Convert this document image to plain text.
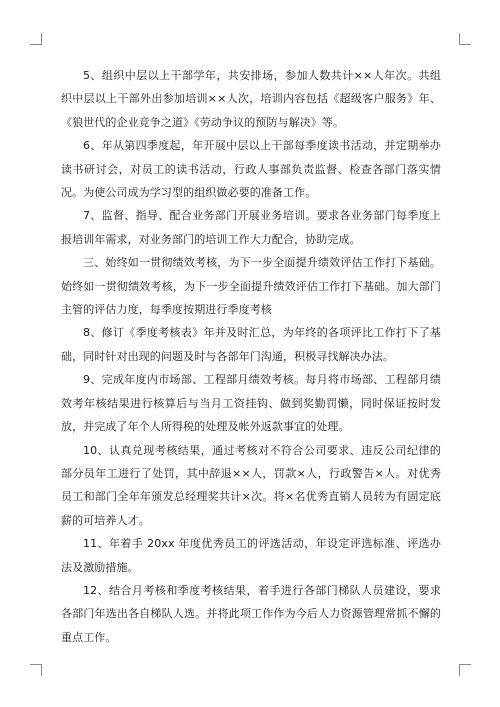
5、组织中层以上干部学年，共安排场，参加人数共计××人年次。共组织中层以上干部外出参加培训××人次，培训内容包括《超级客户服务》年、《狼世代的企业竞争之道》《劳动争议的预防与解决》等。

6、年从第四季度起，年开展中层以上干部每季度读书活动，并定期举办读书研讨会，对员工的读书活动，行政人事部负责监督、检查各部门落实情况。为使公司成为学习型的组织做必要的准备工作。

7、监督、指导、配合业务部门开展业务培训。要求各业务部门每季度上报培训年需求，对业务部门的培训工作大力配合，协助完成。

三、始终如一贯彻绩效考核，为下一步全面提升绩效评估工作打下基础。始终如一贯彻绩效考核，为下一步全面提升绩效评估工作打下基础。加大部门主管的评估力度，每季度按期进行季度考核

8、修订《季度考核表》年并及时汇总，为年终的各项评比工作打下了基础，同时针对出现的问题及时与各部年门沟通，积极寻找解决办法。

9、完成年度内市场部、工程部月绩效考核。每月将市场部、工程部月绩效考年核结果进行核算后与当月工资挂钩、做到奖勤罚懒，同时保证按时发放，并完成了年个人所得税的处理及帐外返款事宜的处理。

10、认真兑现考核结果，通过考核对不符合公司要求、违反公司纪律的部分员年工进行了处罚，其中辞退××人，罚款×人，行政警告×人。对优秀员工和部门全年年颁发总经理奖共计×次。将×名优秀直销人员转为有固定底薪的可培养人才。

11、年着手 20xx 年度优秀员工的评选活动，年设定评选标准、评选办法及激励措施。

12、结合月考核和季度考核结果，着手进行各部门梯队人员建设，要求各部门年选出各自梯队人选。并将此项工作作为今后人力资源管理常抓不懈的重点工作。
